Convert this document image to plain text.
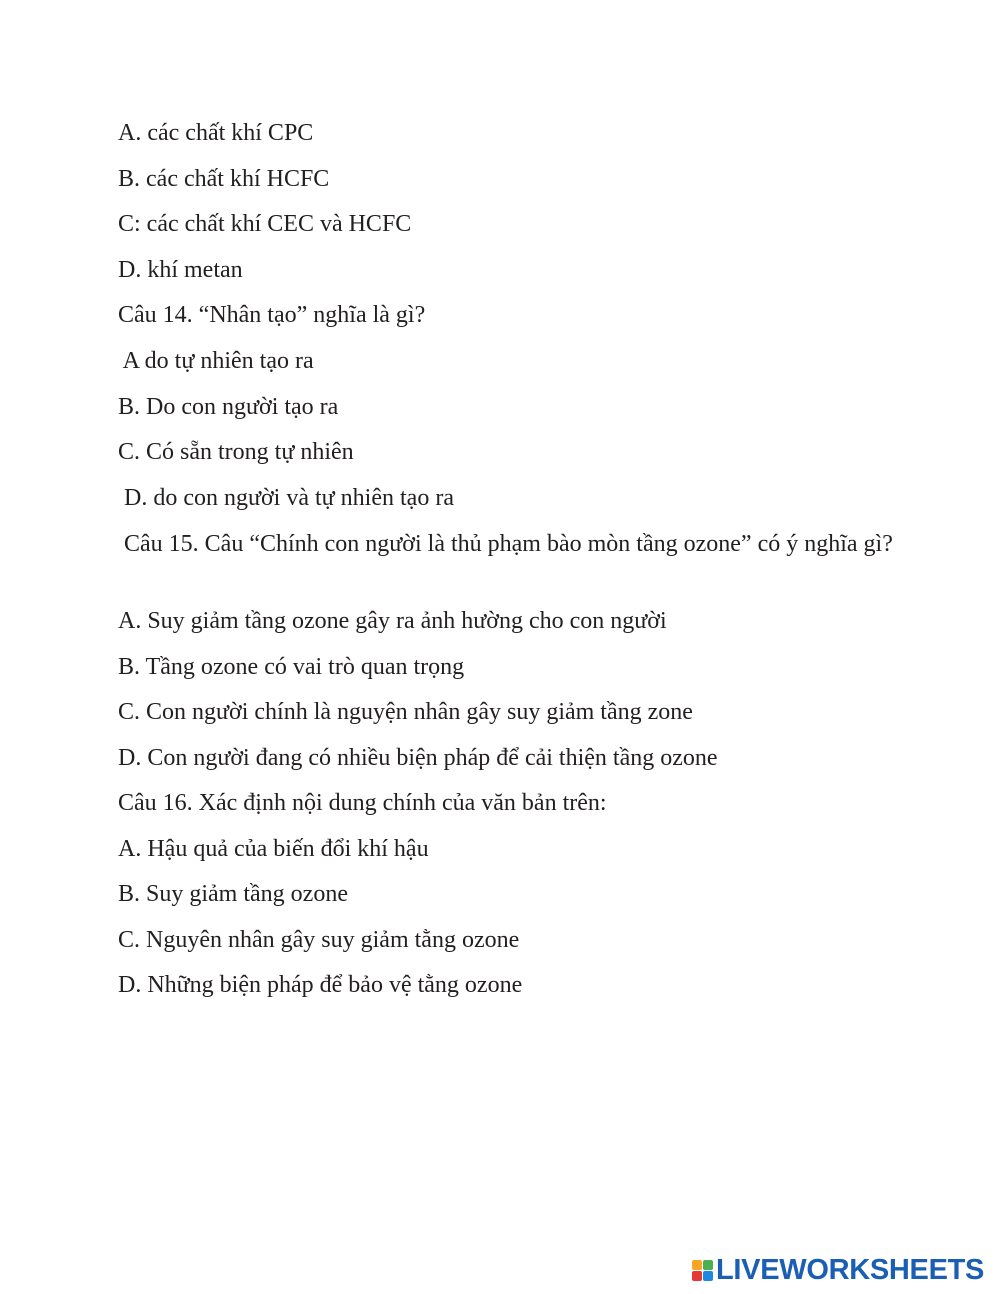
A. các chất khí CPC
B. các chất khí HCFC
C: các chất khí CEC và HCFC
D. khí metan
Câu 14. “Nhân tạo” nghĩa là gì?
A do tự nhiên tạo ra
B. Do con người tạo ra
C. Có sẵn trong tự nhiên
D. do con người và tự nhiên tạo ra
Câu 15. Câu “Chính con người là thủ phạm bào mòn tầng ozone” có ý nghĩa gì?
A. Suy giảm tầng ozone gây ra ảnh hường cho con người
B. Tầng ozone có vai trò quan trọng
C. Con người chính là nguyện nhân gây suy giảm tầng zone
D. Con người đang có nhiều biện pháp để cải thiện tầng ozone
Câu 16. Xác định nội dung chính của văn bản trên:
A. Hậu quả của biến đổi khí hậu
B. Suy giảm tầng ozone
C. Nguyên nhân gây suy giảm tằng ozone
D. Những biện pháp để bảo vệ tằng ozone
LIVEWORKSHEETS
